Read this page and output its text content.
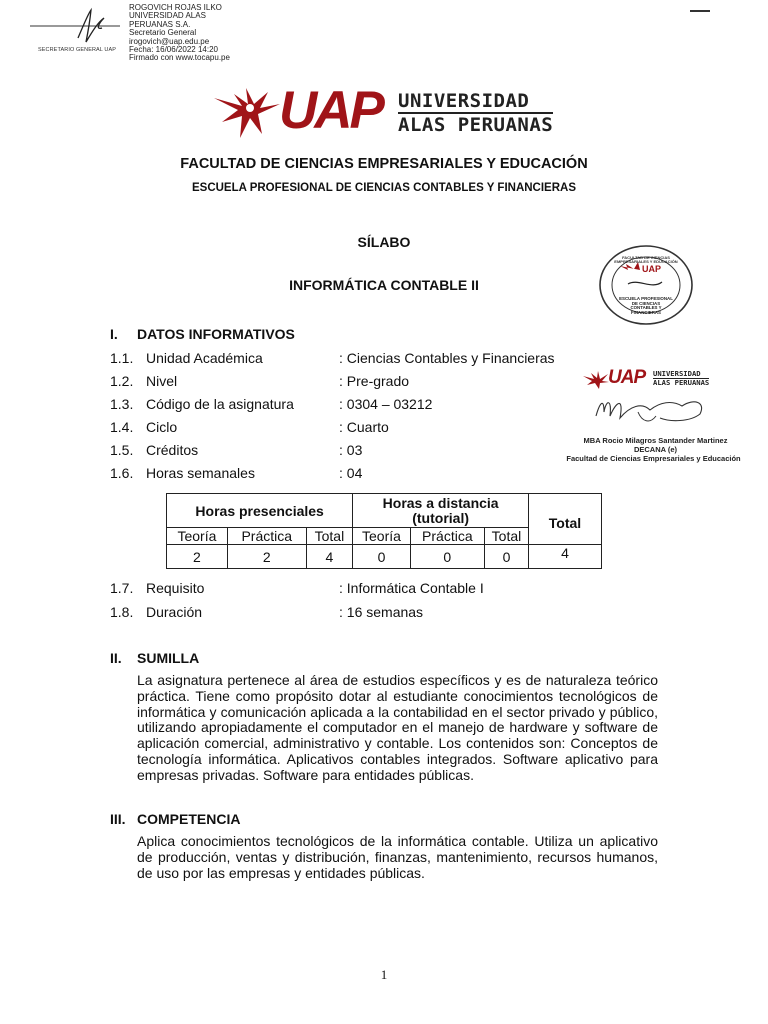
SECRETARIO GENERAL UAP
ROGOVICH ROJAS ILKO
UNIVERSIDAD ALAS
PERUANAS S.A.
Secretario General
irogovich@uap.edu.pe
Fecha: 16/06/2022 14:20
Firmado con www.tocapu.pe
UAP UNIVERSIDAD
ALAS PERUANAS
FACULTAD DE CIENCIAS EMPRESARIALES Y EDUCACIÓN
ESCUELA PROFESIONAL DE CIENCIAS CONTABLES Y FINANCIERAS
SÍLABO
INFORMÁTICA CONTABLE II
UAP
FACULTAD DE CIENCIAS EMPRESARIALES Y EDUCACIÓN
ESCUELA PROFESIONAL DE CIENCIAS CONTABLES Y FINANCIERAS
UAP UNIVERSIDAD
ALAS PERUANAS
MBA Rocio Milagros Santander Martinez
DECANA (e)
Facultad de Ciencias Empresariales y Educación
I. DATOS INFORMATIVOS
1.1. Unidad Académica	: Ciencias Contables y Financieras
1.2. Nivel	: Pre-grado
1.3. Código de la asignatura	: 0304 – 03212
1.4. Ciclo	: Cuarto
1.5. Créditos	: 03
1.6. Horas semanales	: 04
Horas presenciales			Horas a distancia
(tutorial)			Total
Teoría	Práctica	Total	Teoría	Práctica	Total	
2	2	4	0	0	0	4
1.7. Requisito	: Informática Contable I
1.8. Duración	: 16 semanas
II. SUMILLA
La asignatura pertenece al área de estudios específicos y es de naturaleza teórico práctica. Tiene como propósito dotar al estudiante conocimientos tecnológicos de informática y comunicación aplicada a la contabilidad en el sector privado y público, utilizando apropiadamente el computador en el manejo de hardware y software de aplicación comercial, administrativo y contable. Los contenidos son: Conceptos de tecnología informática. Aplicativos contables integrados. Software aplicativo para empresas privadas. Software para entidades públicas.
III. COMPETENCIA
Aplica conocimientos tecnológicos de la informática contable. Utiliza un aplicativo de producción, ventas y distribución, finanzas, mantenimiento, recursos humanos, de uso por las empresas y entidades públicas.
1
